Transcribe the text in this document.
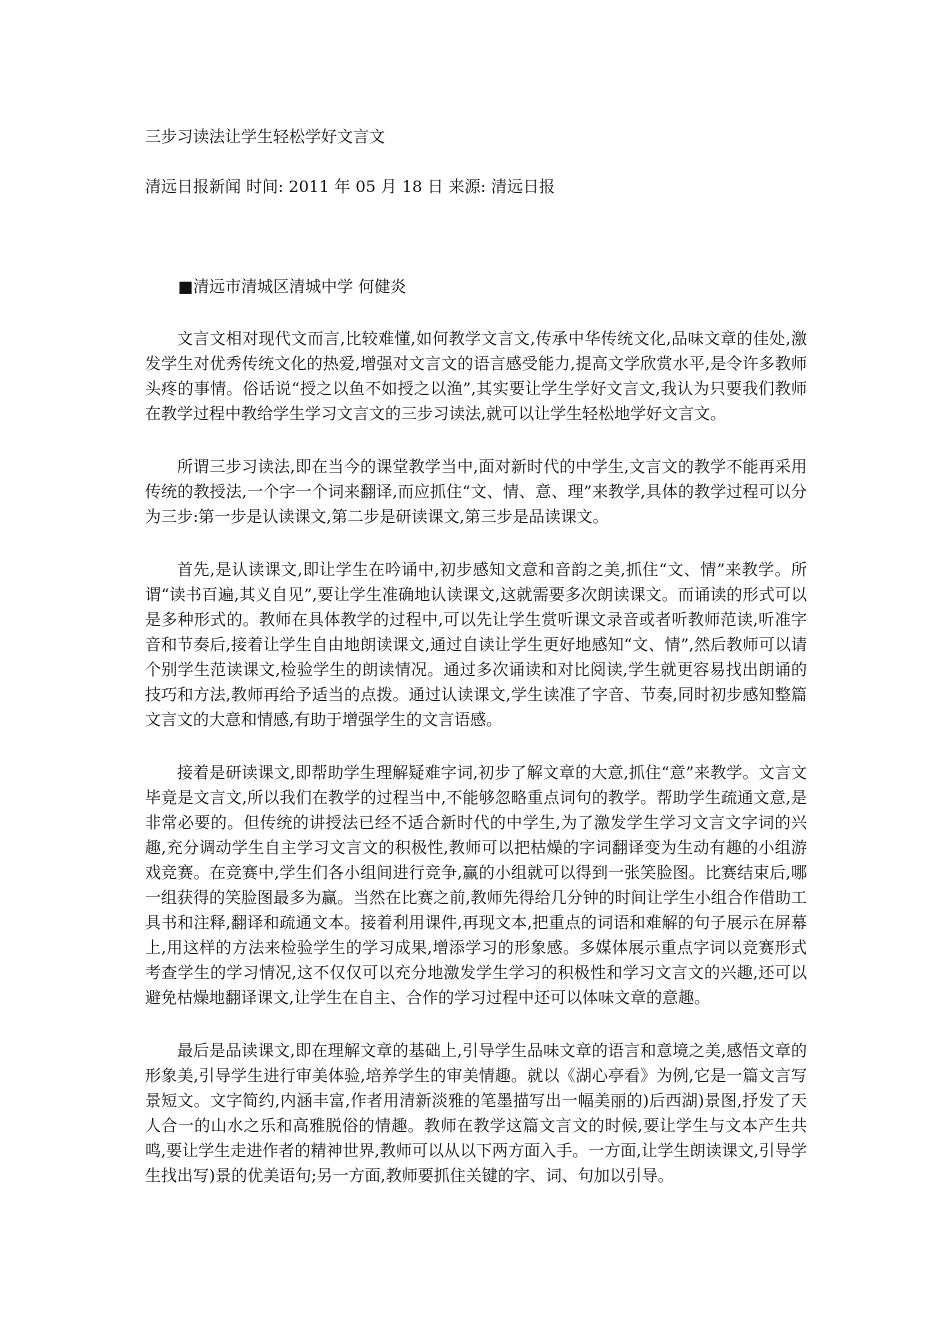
三步习读法让学生轻松学好文言文
清远日报新闻 时间: 2011 年 05 月 18 日 来源: 清远日报
■清远市清城区清城中学 何健炎

文言文相对现代文而言,比较难懂,如何教学文言文,传承中华传统文化,品味文章的佳处,激发学生对优秀传统文化的热爱,增强对文言文的语言感受能力,提高文学欣赏水平,是令许多教师头疼的事情。俗话说“授之以鱼不如授之以渔”,其实要让学生学好文言文,我认为只要我们教师在教学过程中教给学生学习文言文的三步习读法,就可以让学生轻松地学好文言文。

所谓三步习读法,即在当今的课堂教学当中,面对新时代的中学生,文言文的教学不能再采用传统的教授法,一个字一个词来翻译,而应抓住“文、情、意、理”来教学,具体的教学过程可以分为三步:第一步是认读课文,第二步是研读课文,第三步是品读课文。

首先,是认读课文,即让学生在吟诵中,初步感知文意和音韵之美,抓住“文、情”来教学。所谓“读书百遍,其义自见”,要让学生准确地认读课文,这就需要多次朗读课文。而诵读的形式可以是多种形式的。教师在具体教学的过程中,可以先让学生赏听课文录音或者听教师范读,听准字音和节奏后,接着让学生自由地朗读课文,通过自读让学生更好地感知“文、情”,然后教师可以请个别学生范读课文,检验学生的朗读情况。通过多次诵读和对比阅读,学生就更容易找出朗诵的技巧和方法,教师再给予适当的点拨。通过认读课文,学生读准了字音、节奏,同时初步感知整篇文言文的大意和情感,有助于增强学生的文言语感。

接着是研读课文,即帮助学生理解疑难字词,初步了解文章的大意,抓住“意”来教学。文言文毕竟是文言文,所以我们在教学的过程当中,不能够忽略重点词句的教学。帮助学生疏通文意,是非常必要的。但传统的讲授法已经不适合新时代的中学生,为了激发学生学习文言文字词的兴趣,充分调动学生自主学习文言文的积极性,教师可以把枯燥的字词翻译变为生动有趣的小组游戏竞赛。在竞赛中,学生们各小组间进行竞争,赢的小组就可以得到一张笑脸图。比赛结束后,哪一组获得的笑脸图最多为赢。当然在比赛之前,教师先得给几分钟的时间让学生小组合作借助工具书和注释,翻译和疏通文本。接着利用课件,再现文本,把重点的词语和难解的句子展示在屏幕上,用这样的方法来检验学生的学习成果,增添学习的形象感。多媒体展示重点字词以竞赛形式考查学生的学习情况,这不仅仅可以充分地激发学生学习的积极性和学习文言文的兴趣,还可以避免枯燥地翻译课文,让学生在自主、合作的学习过程中还可以体味文章的意趣。

最后是品读课文,即在理解文章的基础上,引导学生品味文章的语言和意境之美,感悟文章的形象美,引导学生进行审美体验,培养学生的审美情趣。就以《湖心亭看》为例,它是一篇文言写景短文。文字简约,内涵丰富,作者用清新淡雅的笔墨描写出一幅美丽的)后西湖)景图,抒发了天人合一的山水之乐和高雅脱俗的情趣。教师在教学这篇文言文的时候,要让学生与文本产生共鸣,要让学生走进作者的精神世界,教师可以从以下两方面入手。一方面,让学生朗读课文,引导学生找出写)景的优美语句;另一方面,教师要抓住关键的字、词、句加以引导。
